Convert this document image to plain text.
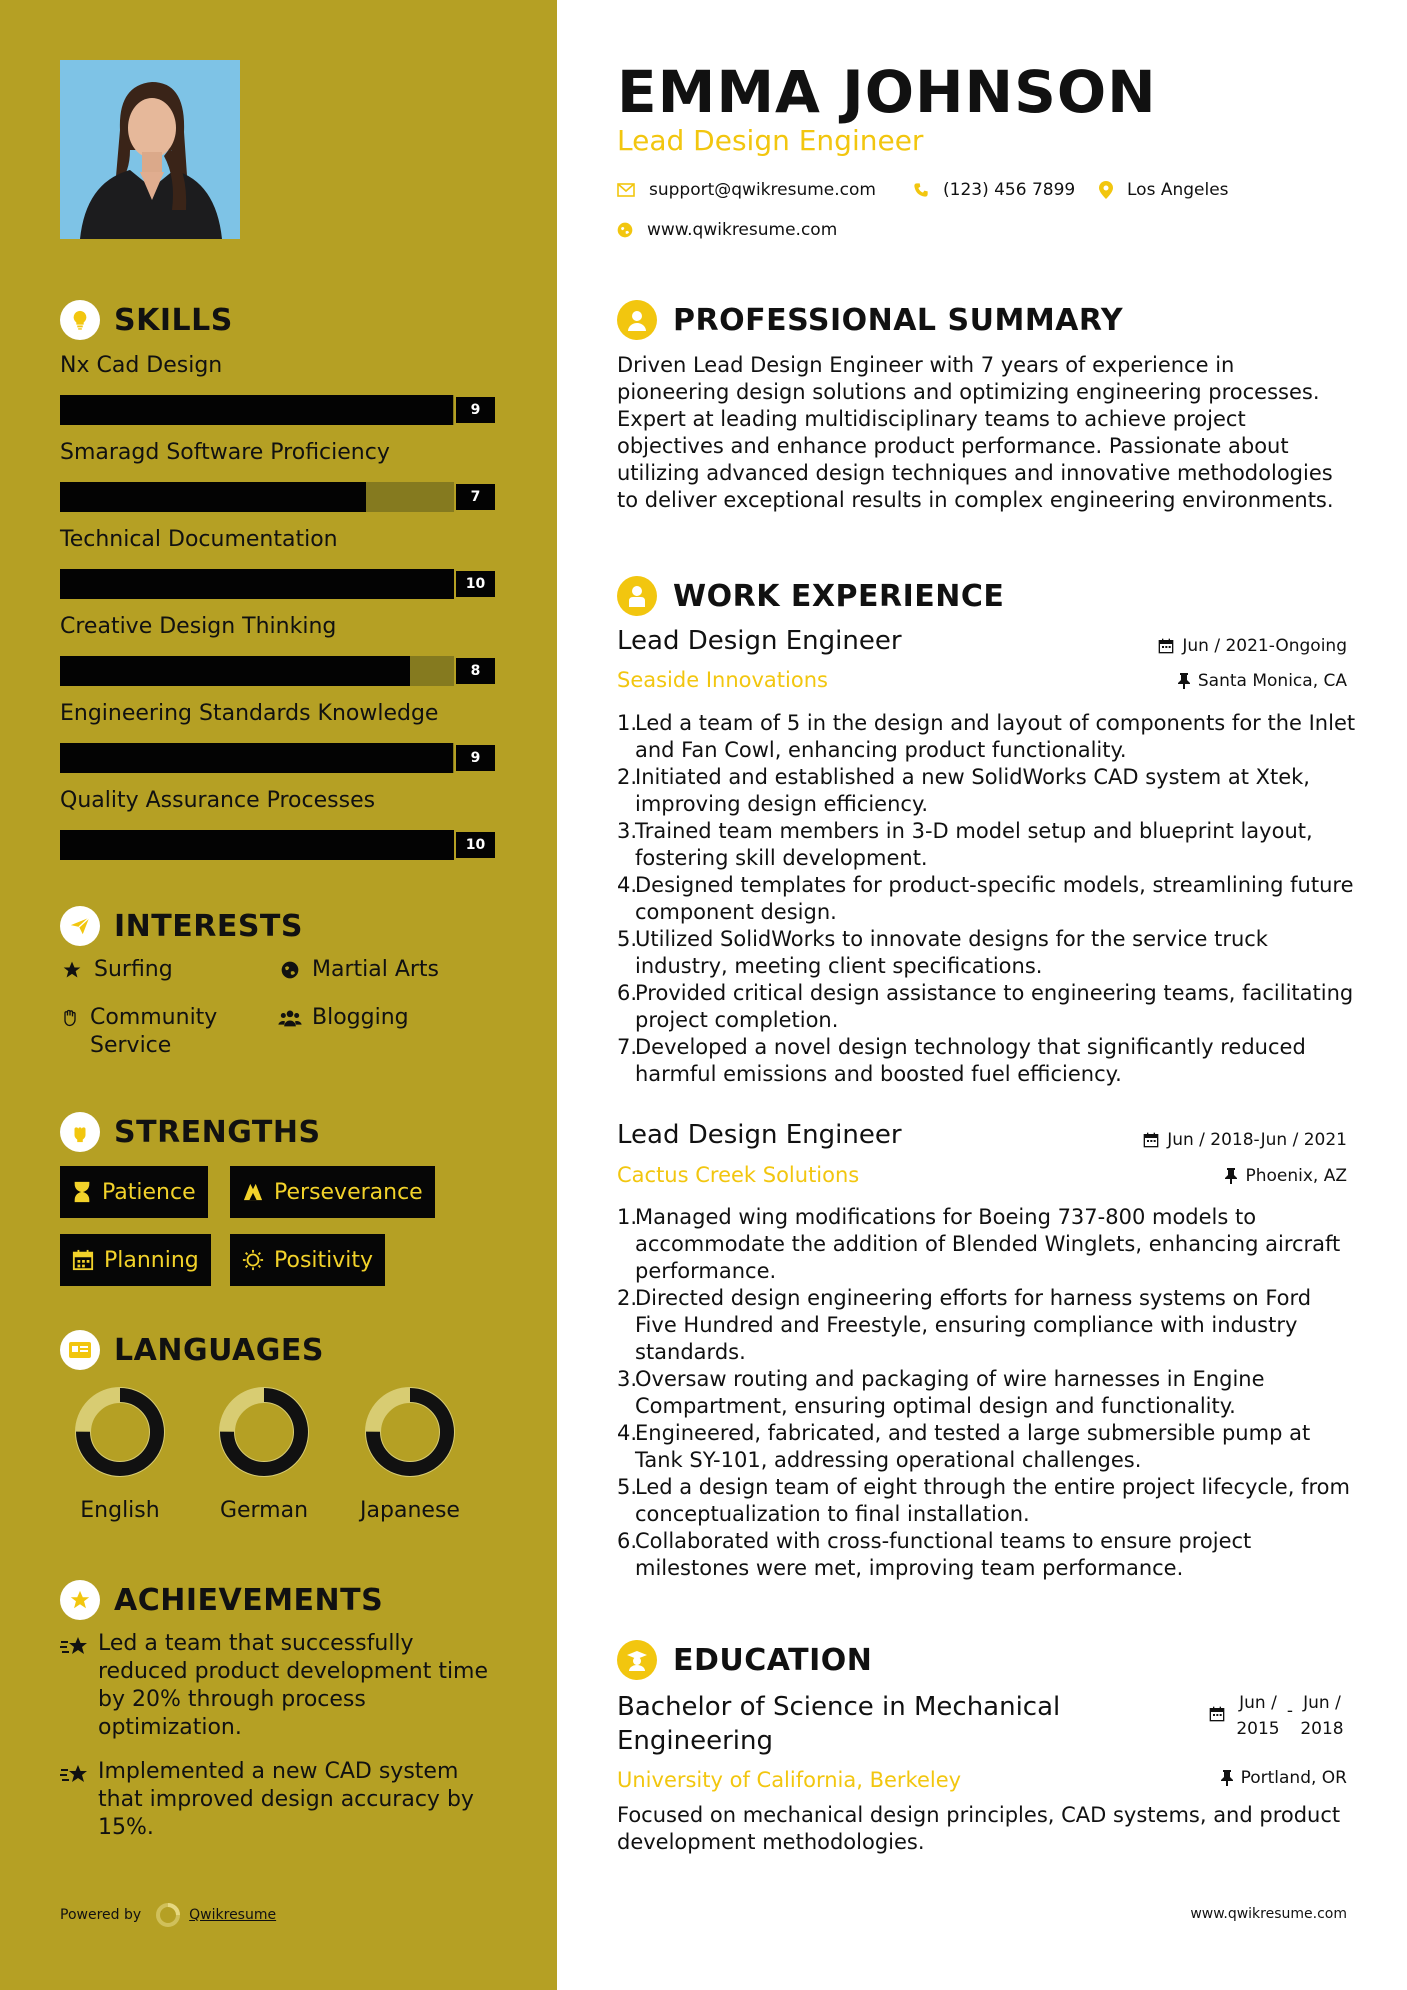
SKILLS
Nx Cad Design
9
Smaragd Software Proficiency
7
Technical Documentation
10
Creative Design Thinking
8
Engineering Standards Knowledge
9
Quality Assurance Processes
10
INTERESTS
Surfing	Martial Arts
Community Service
Blogging
STRENGTHS
Patience	Perseverance
Planning	Positivity
LANGUAGES
English	German	Japanese
ACHIEVEMENTS
Led a team that successfully reduced product development time by 20% through process optimization.
Implemented a new CAD system that improved design accuracy by 15%.
Powered by	Qwikresume
EMMA JOHNSON
Lead Design Engineer
support@qwikresume.com	(123) 456 7899	Los Angeles
www.qwikresume.com
PROFESSIONAL SUMMARY
Driven Lead Design Engineer with 7 years of experience in pioneering design solutions and optimizing engineering processes. Expert at leading multidisciplinary teams to achieve project objectives and enhance product performance. Passionate about utilizing advanced design techniques and innovative methodologies to deliver exceptional results in complex engineering environments.
WORK EXPERIENCE
Lead Design Engineer	Jun / 2021-Ongoing
Seaside Innovations	Santa Monica, CA
1.
Led a team of 5 in the design and layout of components for the Inlet and Fan Cowl, enhancing product functionality.
2.
Initiated and established a new SolidWorks CAD system at Xtek, improving design efficiency.
3.
Trained team members in 3-D model setup and blueprint layout, fostering skill development.
4.
Designed templates for product-specific models, streamlining future component design.
5.
Utilized SolidWorks to innovate designs for the service truck industry, meeting client specifications.
6.
Provided critical design assistance to engineering teams, facilitating project completion.
7.
Developed a novel design technology that significantly reduced harmful emissions and boosted fuel efficiency.
Lead Design Engineer	Jun / 2018-Jun / 2021
Cactus Creek Solutions	Phoenix, AZ
1.
Managed wing modifications for Boeing 737-800 models to accommodate the addition of Blended Winglets, enhancing aircraft performance.
2.
Directed design engineering efforts for harness systems on Ford Five Hundred and Freestyle, ensuring compliance with industry standards.
3.
Oversaw routing and packaging of wire harnesses in Engine Compartment, ensuring optimal design and functionality.
4.
Engineered, fabricated, and tested a large submersible pump at Tank SY-101, addressing operational challenges.
5.
Led a design team of eight through the entire project lifecycle, from conceptualization to final installation.
6.
Collaborated with cross-functional teams to ensure project milestones were met, improving team performance.
EDUCATION
Bachelor of Science in Mechanical Engineering
Jun /
2015
- Jun /
2018
University of California, Berkeley	Portland, OR
Focused on mechanical design principles, CAD systems, and product development methodologies.
www.qwikresume.com
